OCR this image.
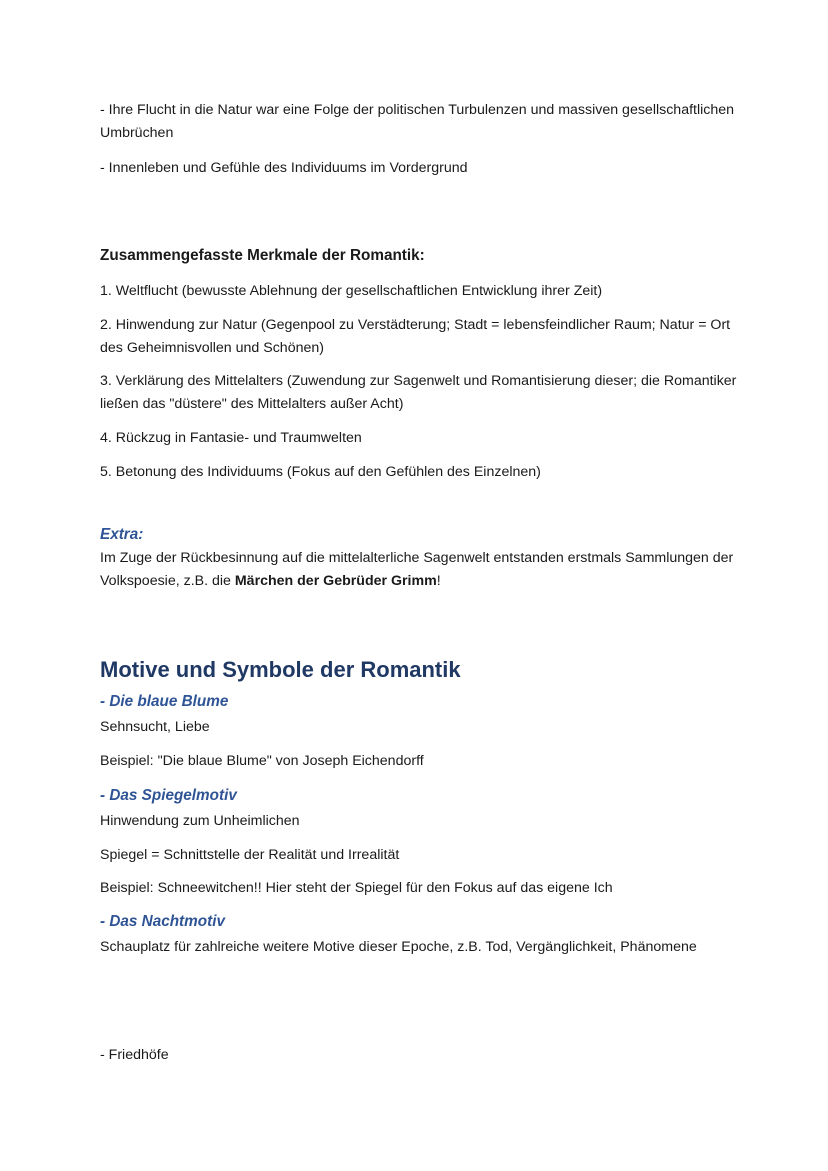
- Ihre Flucht in die Natur war eine Folge der politischen Turbulenzen und massiven gesellschaftlichen Umbrüchen

- Innenleben und Gefühle des Individuums im Vordergrund

Zusammengefasste Merkmale der Romantik:

1. Weltflucht (bewusste Ablehnung der gesellschaftlichen Entwicklung ihrer Zeit)

2. Hinwendung zur Natur (Gegenpool zu Verstädterung; Stadt = lebensfeindlicher Raum; Natur = Ort des Geheimnisvollen und Schönen)

3. Verklärung des Mittelalters (Zuwendung zur Sagenwelt und Romantisierung dieser; die Romantiker ließen das "düstere" des Mittelalters außer Acht)

4. Rückzug in Fantasie- und Traumwelten

5. Betonung des Individuums (Fokus auf den Gefühlen des Einzelnen)

Extra:

Im Zuge der Rückbesinnung auf die mittelalterliche Sagenwelt entstanden erstmals Sammlungen der Volkspoesie, z.B. die Märchen der Gebrüder Grimm!

Motive und Symbole der Romantik

- Die blaue Blume

Sehnsucht, Liebe

Beispiel: "Die blaue Blume" von Joseph Eichendorff

- Das Spiegelmotiv

Hinwendung zum Unheimlichen

Spiegel = Schnittstelle der Realität und Irrealität

Beispiel: Schneewitchen!! Hier steht der Spiegel für den Fokus auf das eigene Ich

- Das Nachtmotiv

Schauplatz für zahlreiche weitere Motive dieser Epoche, z.B. Tod, Vergänglichkeit, Phänomene

- Friedhöfe
